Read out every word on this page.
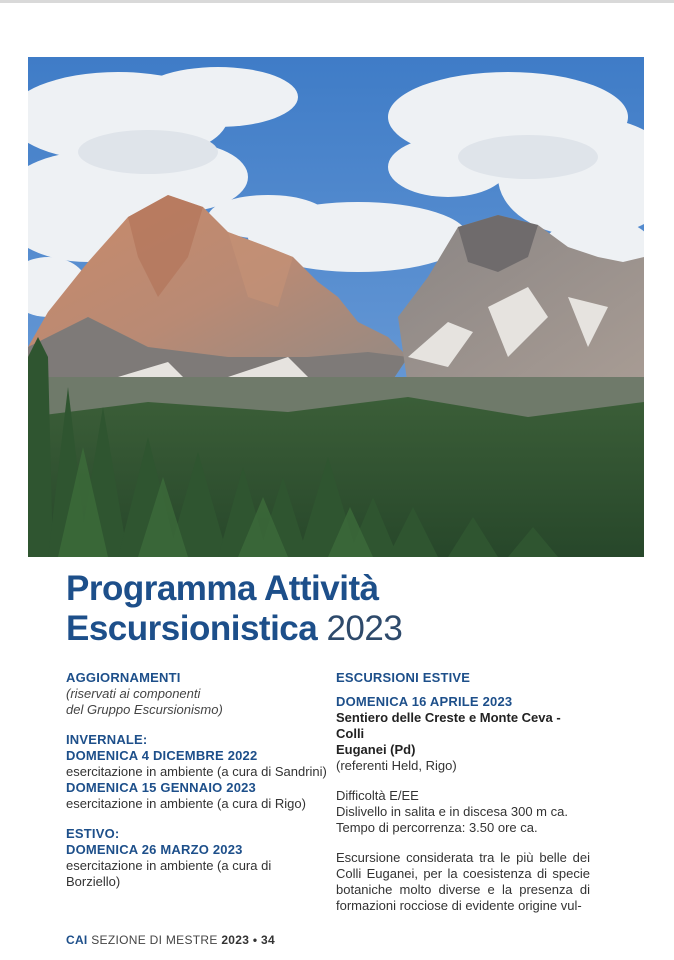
Programma Attività
Escursionistica 2023
AGGIORNAMENTI
(riservati ai componenti
del Gruppo Escursionismo)
INVERNALE:
DOMENICA 4 DICEMBRE 2022
esercitazione in ambiente (a cura di Sandrini)
DOMENICA 15 GENNAIO 2023
esercitazione in ambiente (a cura di Rigo)
ESTIVO:
DOMENICA 26 MARZO 2023
esercitazione in ambiente (a cura di Borziello)
ESCURSIONI ESTIVE
DOMENICA 16 APRILE 2023
Sentiero delle Creste e Monte Ceva - Colli
Euganei (Pd)
(referenti Held, Rigo)
Difficoltà E/EE
Dislivello in salita e in discesa 300 m ca.
Tempo di percorrenza: 3.50 ore ca.
Escursione considerata tra le più belle dei Colli Euganei, per la coesistenza di specie botaniche molto diverse e la presenza di formazioni rocciose di evidente origine vul-
CAI SEZIONE DI MESTRE 2023 • 34
